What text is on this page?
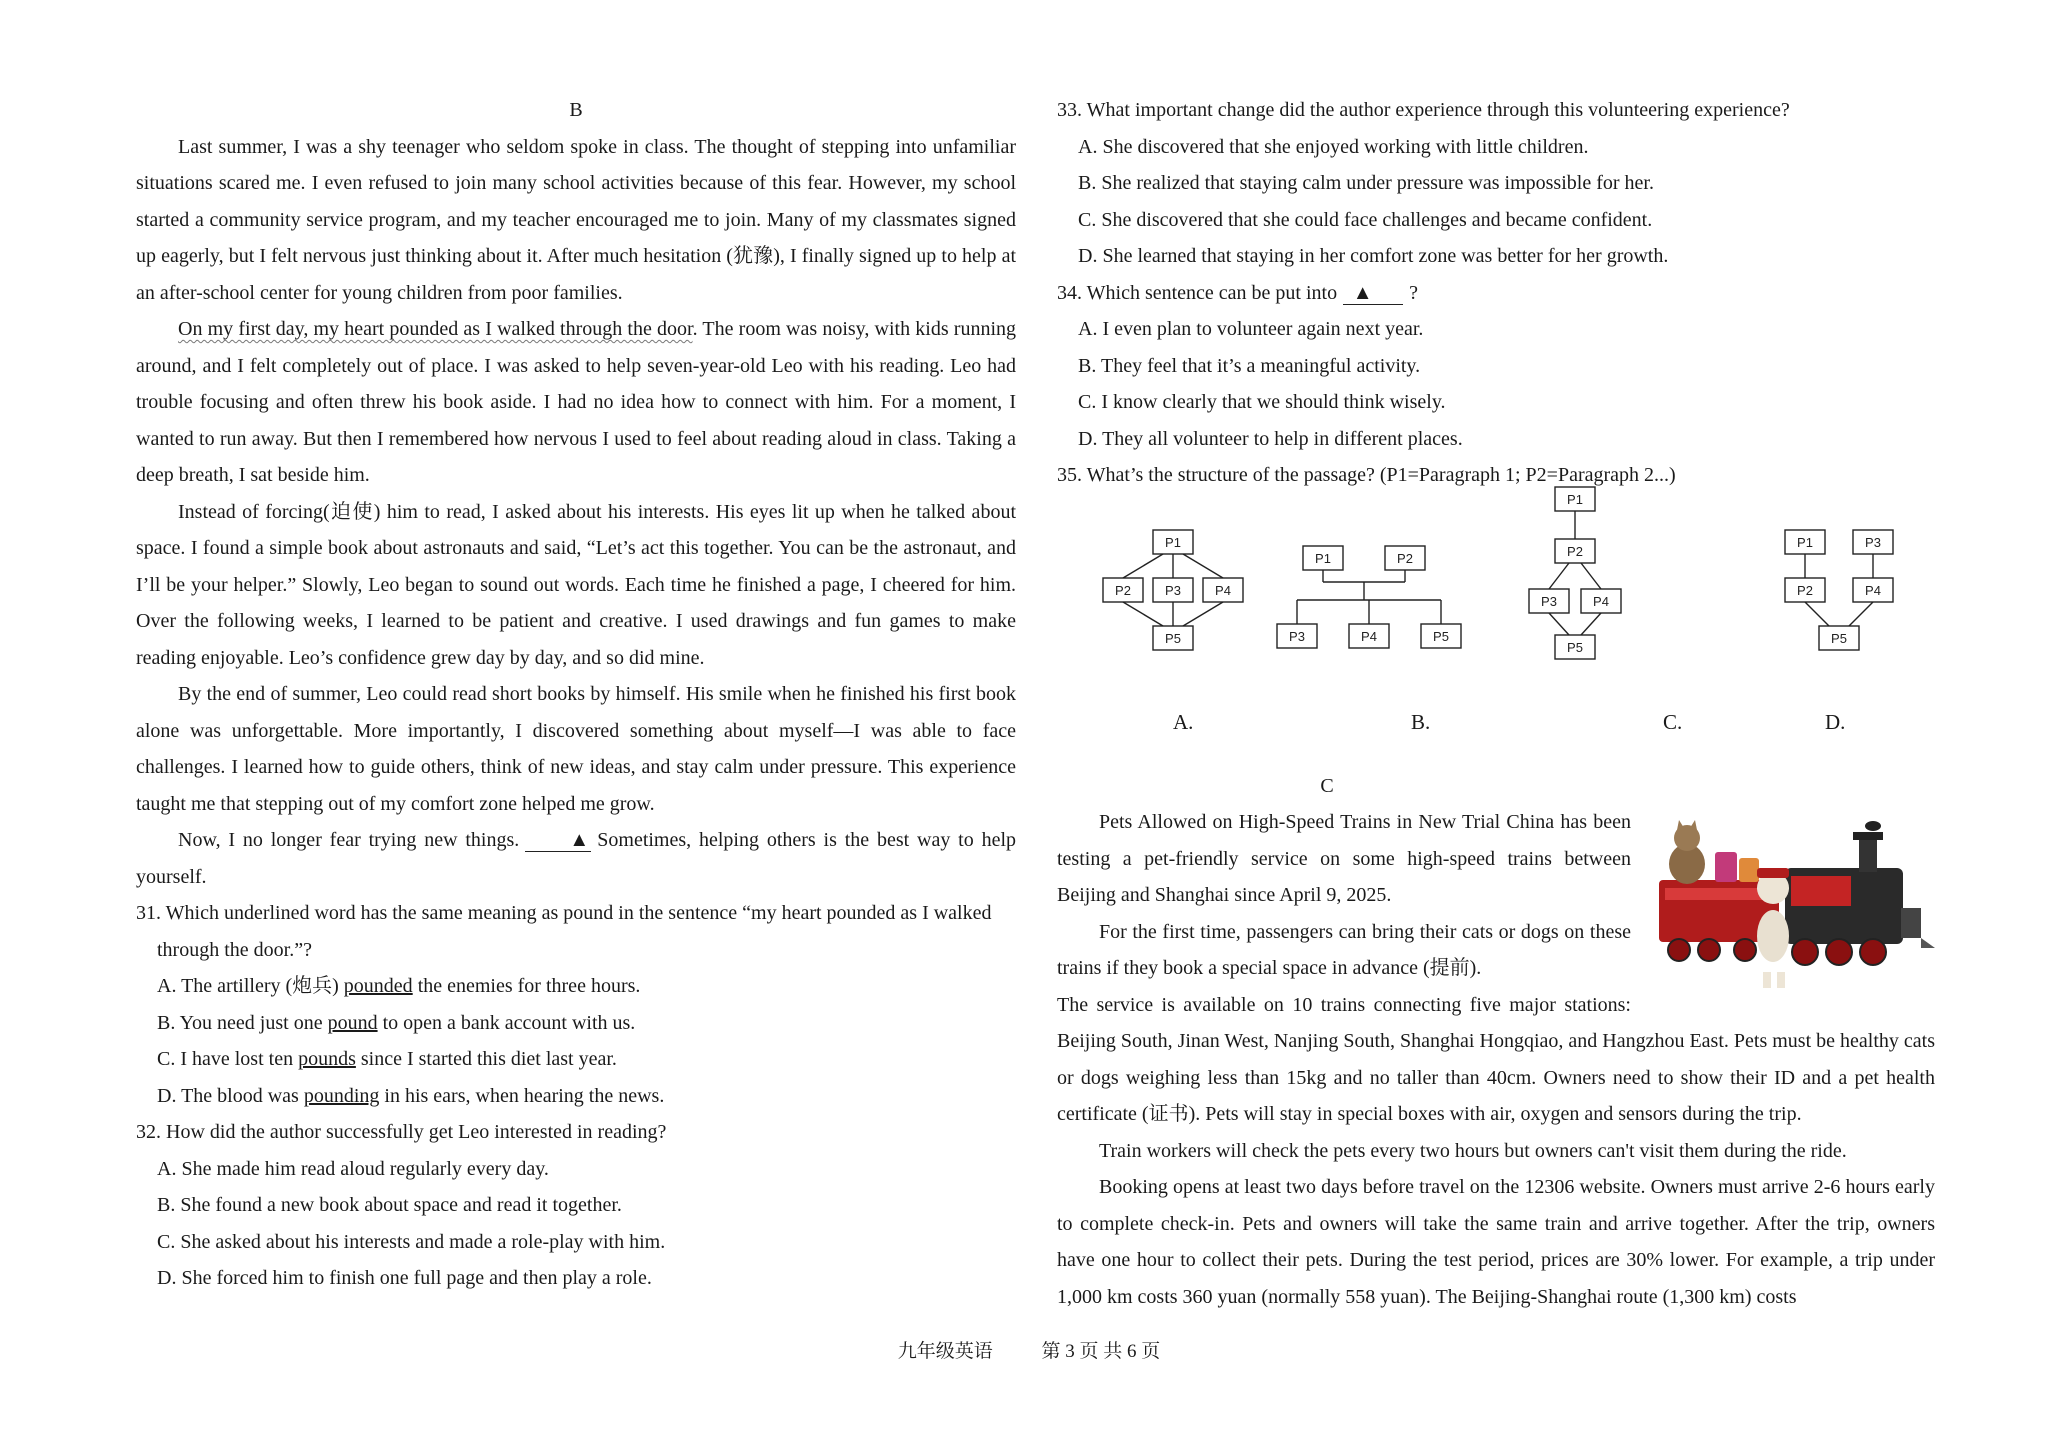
B

Last summer, I was a shy teenager who seldom spoke in class. The thought of stepping into unfamiliar situations scared me. I even refused to join many school activities because of this fear. However, my school started a community service program, and my teacher encouraged me to join. Many of my classmates signed up eagerly, but I felt nervous just thinking about it. After much hesitation (犹豫), I finally signed up to help at an after-school center for young children from poor families.

On my first day, my heart pounded as I walked through the door. The room was noisy, with kids running around, and I felt completely out of place. I was asked to help seven-year-old Leo with his reading. Leo had trouble focusing and often threw his book aside. I had no idea how to connect with him. For a moment, I wanted to run away. But then I remembered how nervous I used to feel about reading aloud in class. Taking a deep breath, I sat beside him.

Instead of forcing(迫使) him to read, I asked about his interests. His eyes lit up when he talked about space. I found a simple book about astronauts and said, “Let’s act this together. You can be the astronaut, and I’ll be your helper.” Slowly, Leo began to sound out words. Each time he finished a page, I cheered for him. Over the following weeks, I learned to be patient and creative. I used drawings and fun games to make reading enjoyable. Leo’s confidence grew day by day, and so did mine.

By the end of summer, Leo could read short books by himself. His smile when he finished his first book alone was unforgettable. More importantly, I discovered something about myself—I was able to face challenges. I learned how to guide others, think of new ideas, and stay calm under pressure. This experience taught me that stepping out of my comfort zone helped me grow.

Now, I no longer fear trying new things.	▲ Sometimes, helping others is the best way to help yourself.

31. Which underlined word has the same meaning as pound in the sentence “my heart pounded as I walked through the door.”?

A. The artillery (炮兵) pounded the enemies for three hours.

B. You need just one pound to open a bank account with us.

C. I have lost ten pounds since I started this diet last year.

D. The blood was pounding in his ears, when hearing the news.

32. How did the author successfully get Leo interested in reading?

A. She made him read aloud regularly every day.

B. She found a new book about space and read it together.

C. She asked about his interests and made a role-play with him.

D. She forced him to finish one full page and then play a role.

33. What important change did the author experience through this volunteering experience?

A. She discovered that she enjoyed working with little children.

B. She realized that staying calm under pressure was impossible for her.

C. She discovered that she could face challenges and became confident.

D. She learned that staying in her comfort zone was better for her growth.

34. Which sentence can be put into ▲ ?

A. I even plan to volunteer again next year.

B. They feel that it’s a meaningful activity.

C. I know clearly that we should think wisely.

D. They all volunteer to help in different places.

35. What’s the structure of the passage? (P1=Paragraph 1; P2=Paragraph 2...)

P1
P2	P3	P4
P5
P1	P2
P3	P4	P5
P1
P2
P3	P4
P5
P1	P3
P2	P4
P5
A.	B.	C.	D.
C

Pets Allowed on High-Speed Trains in New Trial China has been testing a pet-friendly service on some high-speed trains between Beijing and Shanghai since April 9, 2025.

For the first time, passengers can bring their cats or dogs on these trains if they book a special space in advance (提前).

The service is available on 10 trains connecting five major stations: Beijing South, Jinan West, Nanjing South, Shanghai Hongqiao, and Hangzhou East. Pets must be healthy cats or dogs weighing less than 15kg and no taller than 40cm. Owners need to show their ID and a pet health certificate (证书). Pets will stay in special boxes with air, oxygen and sensors during the trip.

Train workers will check the pets every two hours but owners can't visit them during the ride.

Booking opens at least two days before travel on the 12306 website. Owners must arrive 2-6 hours early to complete check-in. Pets and owners will take the same train and arrive together. After the trip, owners have one hour to collect their pets. During the test period, prices are 30% lower. For example, a trip under 1,000 km costs 360 yuan (normally 558 yuan). The Beijing-Shanghai route (1,300 km) costs

九年级英语	第 3 页 共 6 页
